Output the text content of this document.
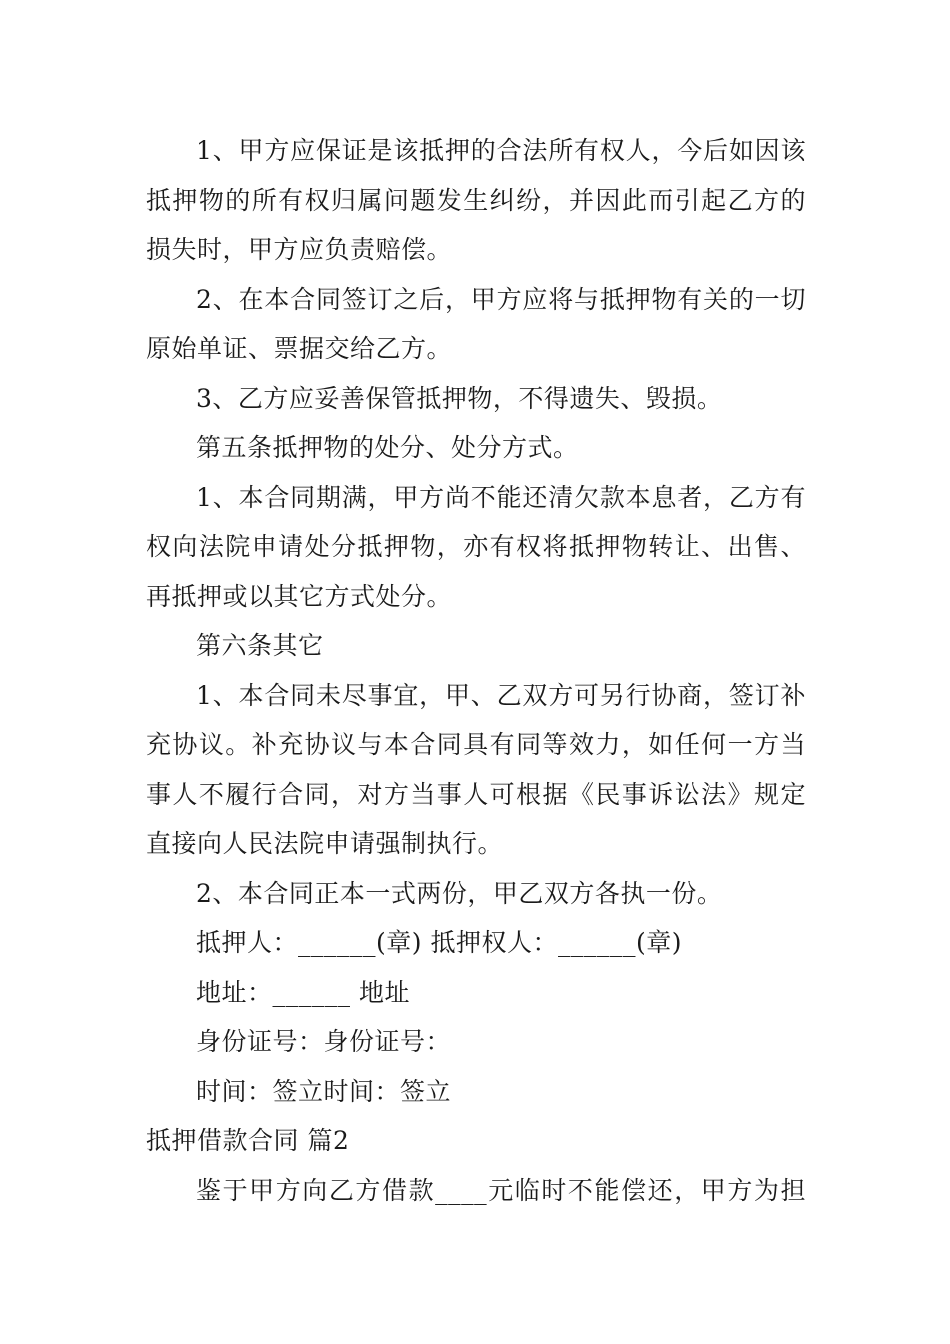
1、甲方应保证是该抵押的合法所有权人，今后如因该
抵押物的所有权归属问题发生纠纷，并因此而引起乙方的
损失时，甲方应负责赔偿。
2、在本合同签订之后，甲方应将与抵押物有关的一切
原始单证、票据交给乙方。
3、乙方应妥善保管抵押物，不得遗失、毁损。
第五条抵押物的处分、处分方式。
1、本合同期满，甲方尚不能还清欠款本息者，乙方有
权向法院申请处分抵押物，亦有权将抵押物转让、出售、
再抵押或以其它方式处分。
第六条其它
1、本合同未尽事宜，甲、乙双方可另行协商，签订补
充协议。补充协议与本合同具有同等效力，如任何一方当
事人不履行合同，对方当事人可根据《民事诉讼法》规定
直接向人民法院申请强制执行。
2、本合同正本一式两份，甲乙双方各执一份。
抵押人：______(章) 抵押权人：______(章)
地址：______ 地址
身份证号：身份证号：
时间：签立时间：签立
抵押借款合同 篇2
鉴于甲方向乙方借款____元临时不能偿还，甲方为担
